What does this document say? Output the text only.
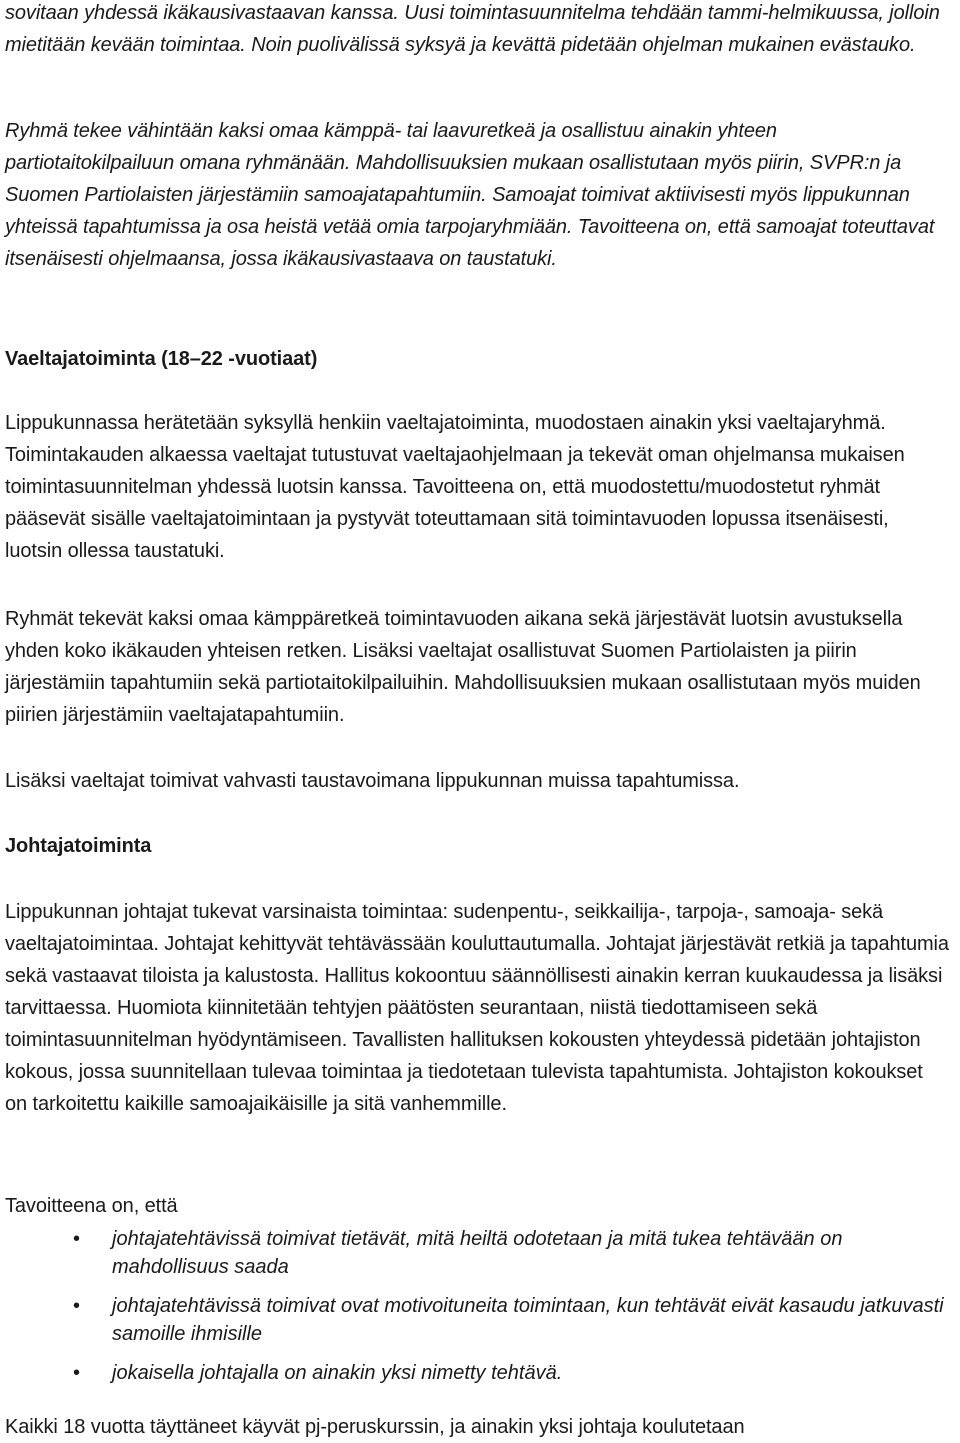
sovitaan yhdessä ikäkausivastaavan kanssa. Uusi toimintasuunnitelma tehdään tammi-helmikuussa, jolloin mietitään kevään toimintaa. Noin puolivälissä syksyä ja kevättä pidetään ohjelman mukainen evästauko.

Ryhmä tekee vähintään kaksi omaa kämppä- tai laavuretkeä ja osallistuu ainakin yhteen partiotaitokilpailuun omana ryhmänään. Mahdollisuuksien mukaan osallistutaan myös piirin, SVPR:n ja Suomen Partiolaisten järjestämiin samoajatapahtumiin. Samoajat toimivat aktiivisesti myös lippukunnan yhteissä tapahtumissa ja osa heistä vetää omia tarpojaryhmiään. Tavoitteena on, että samoajat toteuttavat itsenäisesti ohjelmaansa, jossa ikäkausivastaava on taustatuki.

Vaeltajatoiminta (18–22 -vuotiaat)

Lippukunnassa herätetään syksyllä henkiin vaeltajatoiminta, muodostaen ainakin yksi vaeltajaryhmä. Toimintakauden alkaessa vaeltajat tutustuvat vaeltajaohjelmaan ja tekevät oman ohjelmansa mukaisen toimintasuunnitelman yhdessä luotsin kanssa. Tavoitteena on, että muodostettu/muodostetut ryhmät pääsevät sisälle vaeltajatoimintaan ja pystyvät toteuttamaan sitä toimintavuoden lopussa itsenäisesti, luotsin ollessa taustatuki.

Ryhmät tekevät kaksi omaa kämppäretkeä toimintavuoden aikana sekä järjestävät luotsin avustuksella yhden koko ikäkauden yhteisen retken. Lisäksi vaeltajat osallistuvat Suomen Partiolaisten ja piirin järjestämiin tapahtumiin sekä partiotaitokilpailuihin. Mahdollisuuksien mukaan osallistutaan myös muiden piirien järjestämiin vaeltajatapahtumiin.

Lisäksi vaeltajat toimivat vahvasti taustavoimana lippukunnan muissa tapahtumissa.

Johtajatoiminta

Lippukunnan johtajat tukevat varsinaista toimintaa: sudenpentu-, seikkailija-, tarpoja-, samoaja- sekä vaeltajatoimintaa. Johtajat kehittyvät tehtävässään kouluttautumalla. Johtajat järjestävät retkiä ja tapahtumia sekä vastaavat tiloista ja kalustosta. Hallitus kokoontuu säännöllisesti ainakin kerran kuukaudessa ja lisäksi tarvittaessa. Huomiota kiinnitetään tehtyjen päätösten seurantaan, niistä tiedottamiseen sekä toimintasuunnitelman hyödyntämiseen. Tavallisten hallituksen kokousten yhteydessä pidetään johtajiston kokous, jossa suunnitellaan tulevaa toimintaa ja tiedotetaan tulevista tapahtumista. Johtajiston kokoukset on tarkoitettu kaikille samoajaikäisille ja sitä vanhemmille.

Tavoitteena on, että

• johtajatehtävissä toimivat tietävät, mitä heiltä odotetaan ja mitä tukea tehtävään on mahdollisuus saada
• johtajatehtävissä toimivat ovat motivoituneita toimintaan, kun tehtävät eivät kasaudu jatkuvasti samoille ihmisille
• jokaisella johtajalla on ainakin yksi nimetty tehtävä.

Kaikki 18 vuotta täyttäneet käyvät pj-peruskurssin, ja ainakin yksi johtaja koulutetaan
